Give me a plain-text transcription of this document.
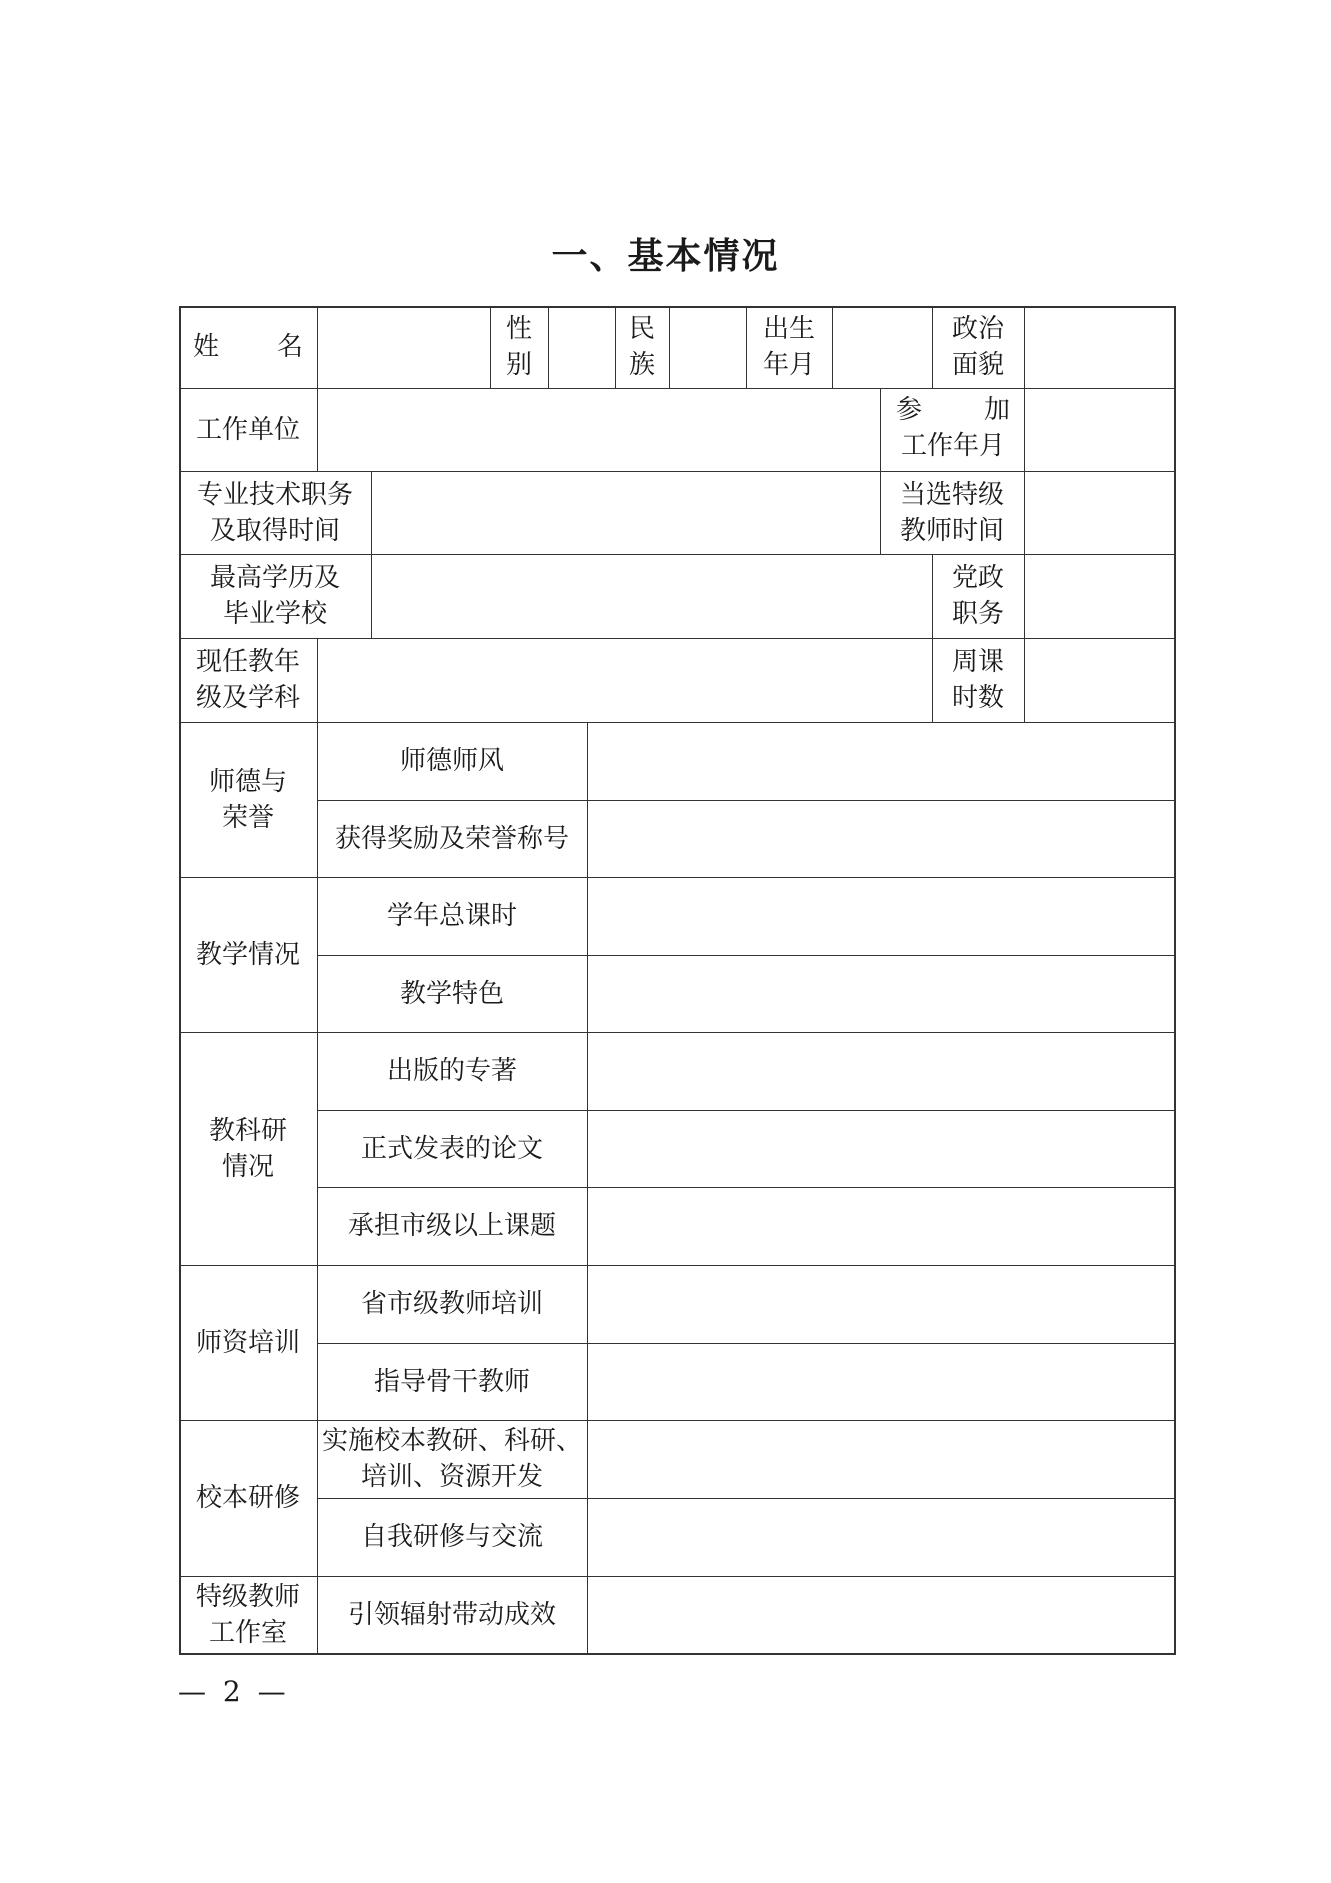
一、基本情况
姓 名
性
别
民
族
出生
年月
政治
面貌
工作单位
参 加
工作年月
专业技术职务
及取得时间
当选特级
教师时间
最高学历及
毕业学校
党政
职务
现任教年
级及学科
周课
时数
师德与
荣誉
师德师风
获得奖励及荣誉称号
教学情况
学年总课时
教学特色
教科研
情况
出版的专著
正式发表的论文
承担市级以上课题
师资培训
省市级教师培训
指导骨干教师
校本研修
实施校本教研、科研、
培训、资源开发
自我研修与交流
特级教师
工作室
引领辐射带动成效
— 2 —
